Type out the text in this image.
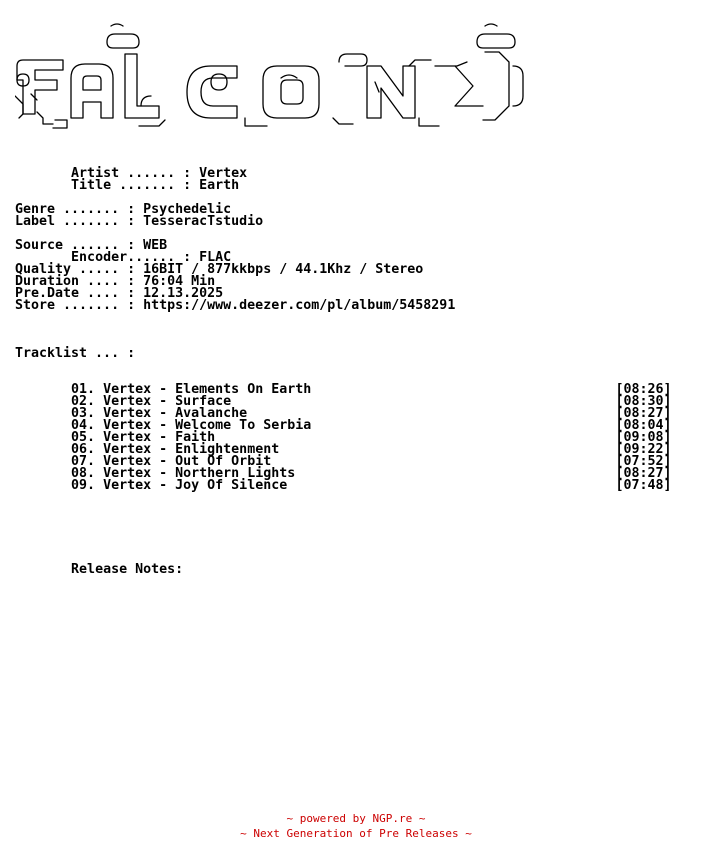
Artist ...... : Vertex
Title ....... : Earth

Genre ....... : Psychedelic
Label ....... : TesseracTstudio

Source ...... : WEB
Encoder...... : FLAC
Quality ..... : 16BIT / 877kkbps / 44.1Khz / Stereo
Duration .... : 76:04 Min
Pre.Date .... : 12.13.2025
Store ....... : https://www.deezer.com/pl/album/5458291

Tracklist ... :

01. Vertex - Elements On Earth	[08:26]
02. Vertex - Surface	[08:30]
03. Vertex - Avalanche	[08:27]
04. Vertex - Welcome To Serbia	[08:04]
05. Vertex - Faith	[09:08]
06. Vertex - Enlightenment	[09:22]
07. Vertex - Out Of Orbit	[07:52]
08. Vertex - Northern Lights	[08:27]
09. Vertex - Joy Of Silence	[07:48]

Release Notes:
~ powered by NGP.re ~
~ Next Generation of Pre Releases ~
